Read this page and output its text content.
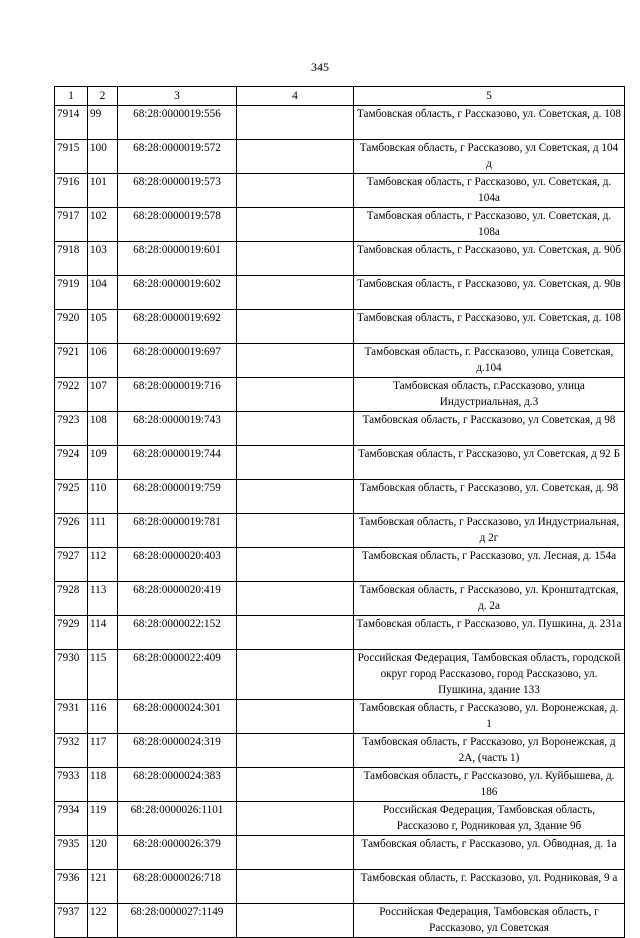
345
1	2	3	4	5
7914	99	68:28:0000019:556		Тамбовская область, г Рассказово, ул. Советская, д. 108
7915	100	68:28:0000019:572		Тамбовская область, г Рассказово, ул Советская, д 104 д
7916	101	68:28:0000019:573		Тамбовская область, г Рассказово, ул. Советская, д. 104а
7917	102	68:28:0000019:578		Тамбовская область, г Рассказово, ул. Советская, д. 108а
7918	103	68:28:0000019:601		Тамбовская область, г Рассказово, ул. Советская, д. 90б
7919	104	68:28:0000019:602		Тамбовская область, г Рассказово, ул. Советская, д. 90в
7920	105	68:28:0000019:692		Тамбовская область, г Рассказово, ул. Советская, д. 108
7921	106	68:28:0000019:697		Тамбовская область, г. Рассказово, улица Советская, д.104
7922	107	68:28:0000019:716		Тамбовская область, г.Рассказово, улица Индустриальная, д.3
7923	108	68:28:0000019:743		Тамбовская область, г Рассказово, ул Советская, д 98
7924	109	68:28:0000019:744		Тамбовская область, г Рассказово, ул Советская, д 92 Б
7925	110	68:28:0000019:759		Тамбовская область, г Рассказово, ул. Советская, д. 98
7926	111	68:28:0000019:781		Тамбовская область, г Рассказово, ул Индустриальная, д 2г
7927	112	68:28:0000020:403		Тамбовская область, г Рассказово, ул. Лесная, д. 154а
7928	113	68:28:0000020:419		Тамбовская область, г Рассказово, ул. Кронштадтская, д. 2а
7929	114	68:28:0000022:152		Тамбовская область, г Рассказово, ул. Пушкина, д. 231а
7930	115	68:28:0000022:409		Российская Федерация, Тамбовская область, городской округ город Рассказово, город Рассказово, ул. Пушкина, здание 133
7931	116	68:28:0000024:301		Тамбовская область, г Рассказово, ул. Воронежская, д. 1
7932	117	68:28:0000024:319		Тамбовская область, г Рассказово, ул Воронежская, д 2А, (часть 1)
7933	118	68:28:0000024:383		Тамбовская область, г Рассказово, ул. Куйбышева, д. 186
7934	119	68:28:0000026:1101		Российская Федерация, Тамбовская область, Рассказово г, Родниковая ул, Здание 9б
7935	120	68:28:0000026:379		Тамбовская область, г Рассказово, ул. Обводная, д. 1а
7936	121	68:28:0000026:718		Тамбовская область, г. Рассказово, ул. Родниковая, 9 а
7937	122	68:28:0000027:1149		Российская Федерация, Тамбовская область, г Рассказово, ул Советская
